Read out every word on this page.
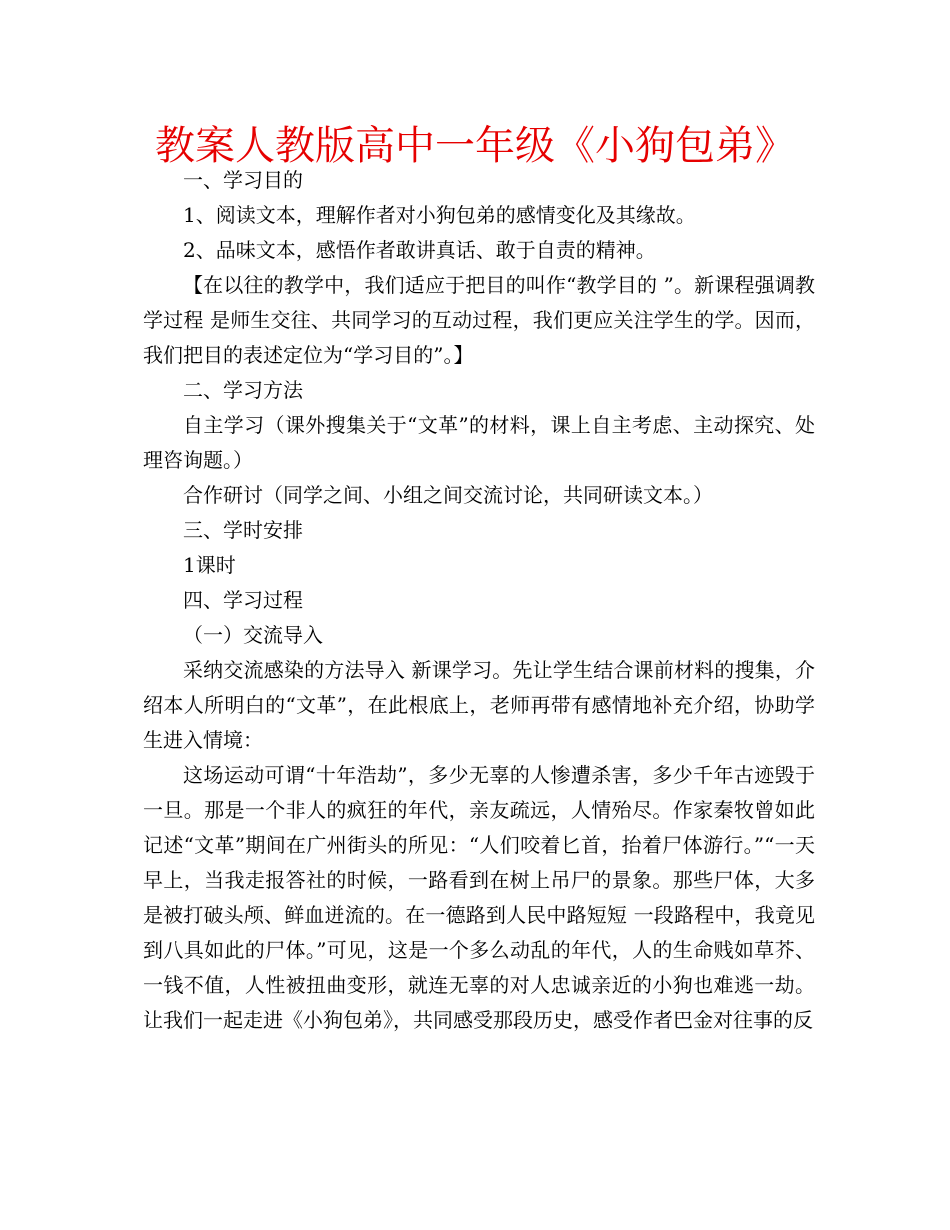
教案人教版高中一年级《小狗包弟》

一、学习目的

1、阅读文本，理解作者对小狗包弟的感情变化及其缘故。

2、品味文本，感悟作者敢讲真话、敢于自责的精神。

【在以往的教学中，我们适应于把目的叫作“教学目的 ”。新课程强调教学过程 是师生交往、共同学习的互动过程，我们更应关注学生的学。因而，我们把目的表述定位为“学习目的”。】

二、学习方法

自主学习（课外搜集关于“文革”的材料，课上自主考虑、主动探究、处理咨询题。）

合作研讨（同学之间、小组之间交流讨论，共同研读文本。）

三、学时安排

1课时

四、学习过程

（一）交流导入

采纳交流感染的方法导入 新课学习。先让学生结合课前材料的搜集，介绍本人所明白的“文革”，在此根底上，老师再带有感情地补充介绍，协助学生进入情境：

这场运动可谓“十年浩劫”，多少无辜的人惨遭杀害，多少千年古迹毁于一旦。那是一个非人的疯狂的年代，亲友疏远，人情殆尽。作家秦牧曾如此记述“文革”期间在广州街头的所见：“人们咬着匕首，抬着尸体游行。”“一天早上，当我走报答社的时候，一路看到在树上吊尸的景象。那些尸体，大多是被打破头颅、鲜血迸流的。在一德路到人民中路短短 一段路程中，我竟见到八具如此的尸体。”可见，这是一个多么动乱的年代，人的生命贱如草芥、一钱不值，人性被扭曲变形，就连无辜的对人忠诚亲近的小狗也难逃一劫。让我们一起走进《小狗包弟》，共同感受那段历史，感受作者巴金对往事的反
